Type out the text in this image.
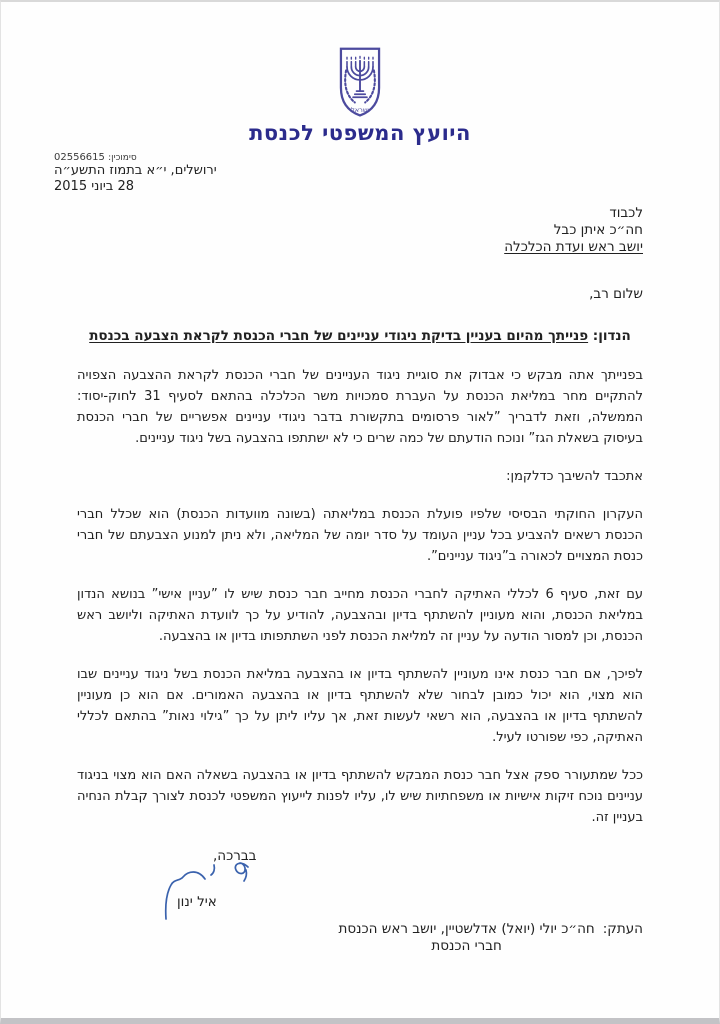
ישראל
היועץ המשפטי לכנסת
סימוכין: 02556615
ירושלים, י״א בתמוז התשע״ה
28 ביוני 2015
לכבוד
חה״כ איתן כבל
יושב ראש ועדת הכלכלה
שלום רב,
הנדון: פנייתך מהיום בעניין בדיקת ניגודי עניינים של חברי הכנסת לקראת הצבעה בכנסת

בפנייתך אתה מבקש כי אבדוק את סוגיית ניגוד העניינים של חברי הכנסת לקראת ההצבעה הצפויה להתקיים מחר במליאת הכנסת על העברת סמכויות משר הכלכלה בהתאם לסעיף 31 לחוק-יסוד: הממשלה, וזאת לדבריך ”לאור פרסומים בתקשורת בדבר ניגודי עניינים אפשריים של חברי הכנסת בעיסוק בשאלת הגז” ונוכח הודעתם של כמה שרים כי לא ישתתפו בהצבעה בשל ניגוד עניינים.

אתכבד להשיבך כדלקמן:

העקרון החוקתי הבסיסי שלפיו פועלת הכנסת במליאתה (בשונה מוועדות הכנסת) הוא שכלל חברי הכנסת רשאים להצביע בכל עניין העומד על סדר יומה של המליאה, ולא ניתן למנוע הצבעתם של חברי כנסת המצויים לכאורה ב”ניגוד עניינים”.

עם זאת, סעיף 6 לכללי האתיקה לחברי הכנסת מחייב חבר כנסת שיש לו ”עניין אישי” בנושא הנדון במליאת הכנסת, והוא מעוניין להשתתף בדיון ובהצבעה, להודיע על כך לוועדת האתיקה וליושב ראש הכנסת, וכן למסור הודעה על עניין זה למליאת הכנסת לפני השתתפותו בדיון או בהצבעה.

לפיכך, אם חבר כנסת אינו מעוניין להשתתף בדיון או בהצבעה במליאת הכנסת בשל ניגוד עניינים שבו הוא מצוי, הוא יכול כמובן לבחור שלא להשתתף בדיון או בהצבעה האמורים. אם הוא כן מעוניין להשתתף בדיון או בהצבעה, הוא רשאי לעשות זאת, אך עליו ליתן על כך ”גילוי נאות” בהתאם לכללי האתיקה, כפי שפורטו לעיל.

ככל שמתעורר ספק אצל חבר כנסת המבקש להשתתף בדיון או בהצבעה בשאלה האם הוא מצוי בניגוד עניינים נוכח זיקות אישיות או משפחתיות שיש לו, עליו לפנות לייעוץ המשפטי לכנסת לצורך קבלת הנחיה בעניין זה.

בברכה,
איל ינון
העתק:
חה״כ יולי (יואל) אדלשטיין, יושב ראש הכנסת
חברי הכנסת
